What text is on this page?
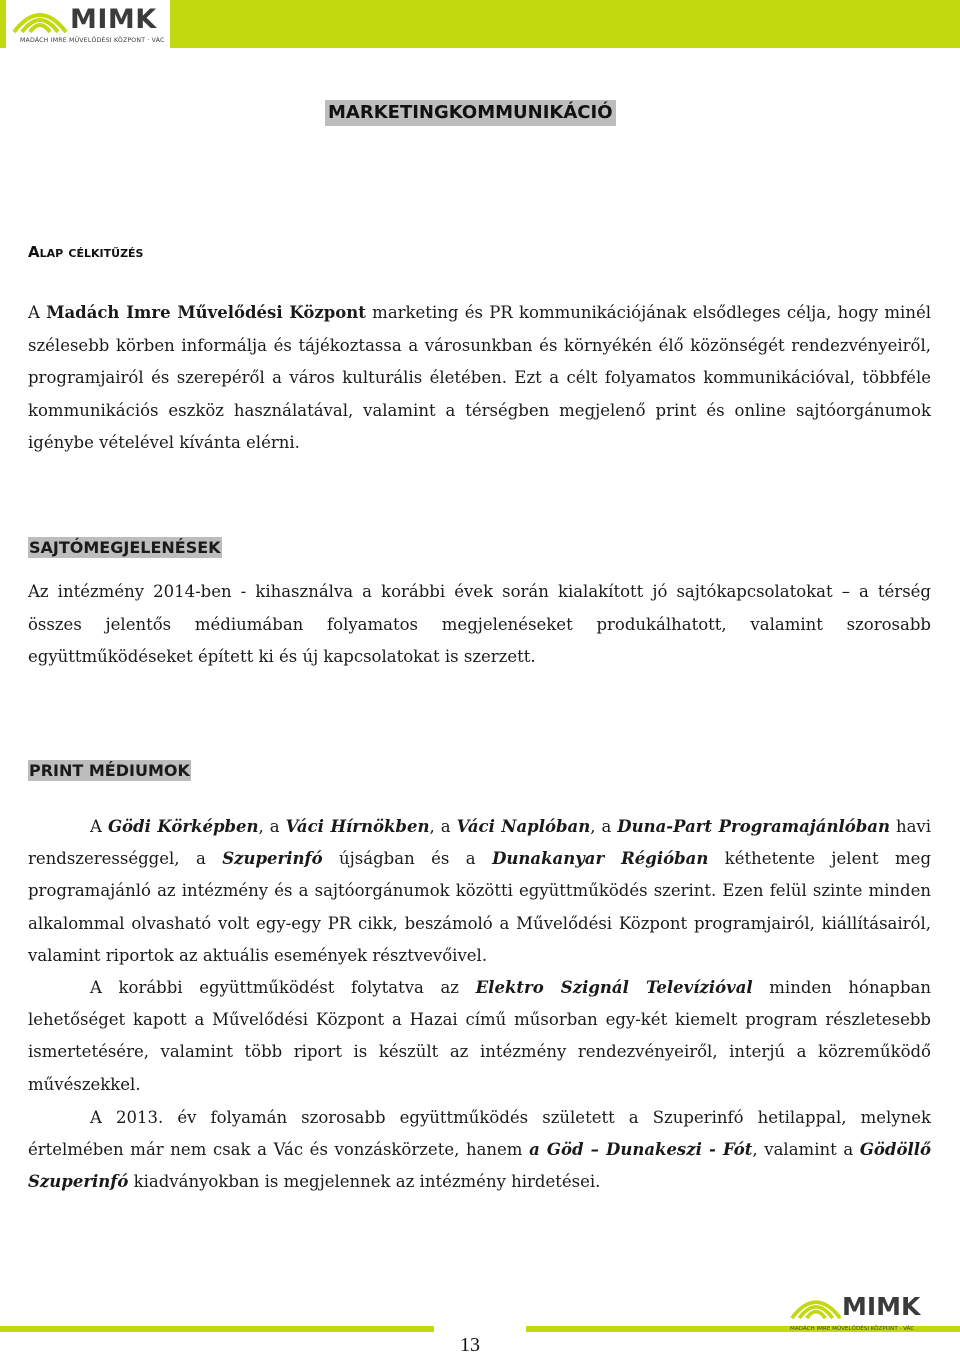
MIMK
MADÁCH IMRE MŰVELŐDÉSI KÖZPONT · VÁC
MARKETINGKOMMUNIKÁCIÓ
Alap célkitűzés

A Madách Imre Művelődési Központ marketing és PR kommunikációjának elsődleges célja, hogy minél szélesebb körben informálja és tájékoztassa a városunkban és környékén élő közönségét rendezvényeiről, programjairól és szerepéről a város kulturális életében. Ezt a célt folyamatos kommunikációval, többféle kommunikációs eszköz használatával, valamint a térségben megjelenő print és online sajtóorgánumok igénybe vételével kívánta elérni.

SAJTÓMEGJELENÉSEK

Az intézmény 2014-ben - kihasználva a korábbi évek során kialakított jó sajtókapcsolatokat – a térség összes jelentős médiumában folyamatos megjelenéseket produkálhatott, valamint szorosabb együttműködéseket épített ki és új kapcsolatokat is szerzett.

PRINT MÉDIUMOK

A Gödi Körképben, a Váci Hírnökben, a Váci Naplóban, a Duna-Part Programajánlóban havi rendszerességgel, a Szuperinfó újságban és a Dunakanyar Régióban kéthetente jelent meg programajánló az intézmény és a sajtóorgánumok közötti együttműködés szerint. Ezen felül szinte minden alkalommal olvasható volt egy-egy PR cikk, beszámoló a Művelődési Központ programjairól, kiállításairól, valamint riportok az aktuális események résztvevőivel.

A korábbi együttműködést folytatva az Elektro Szignál Televízióval minden hónapban lehetőséget kapott a Művelődési Központ a Hazai című műsorban egy-két kiemelt program részletesebb ismertetésére, valamint több riport is készült az intézmény rendezvényeiről, interjú a közreműködő művészekkel.

A 2013. év folyamán szorosabb együttműködés született a Szuperinfó hetilappal, melynek értelmében már nem csak a Vác és vonzáskörzete, hanem a Göd – Dunakeszi - Fót, valamint a Gödöllő Szuperinfó kiadványokban is megjelennek az intézmény hirdetései.

13
MIMK
MADÁCH IMRE MŰVELŐDÉSI KÖZPONT · VÁC
